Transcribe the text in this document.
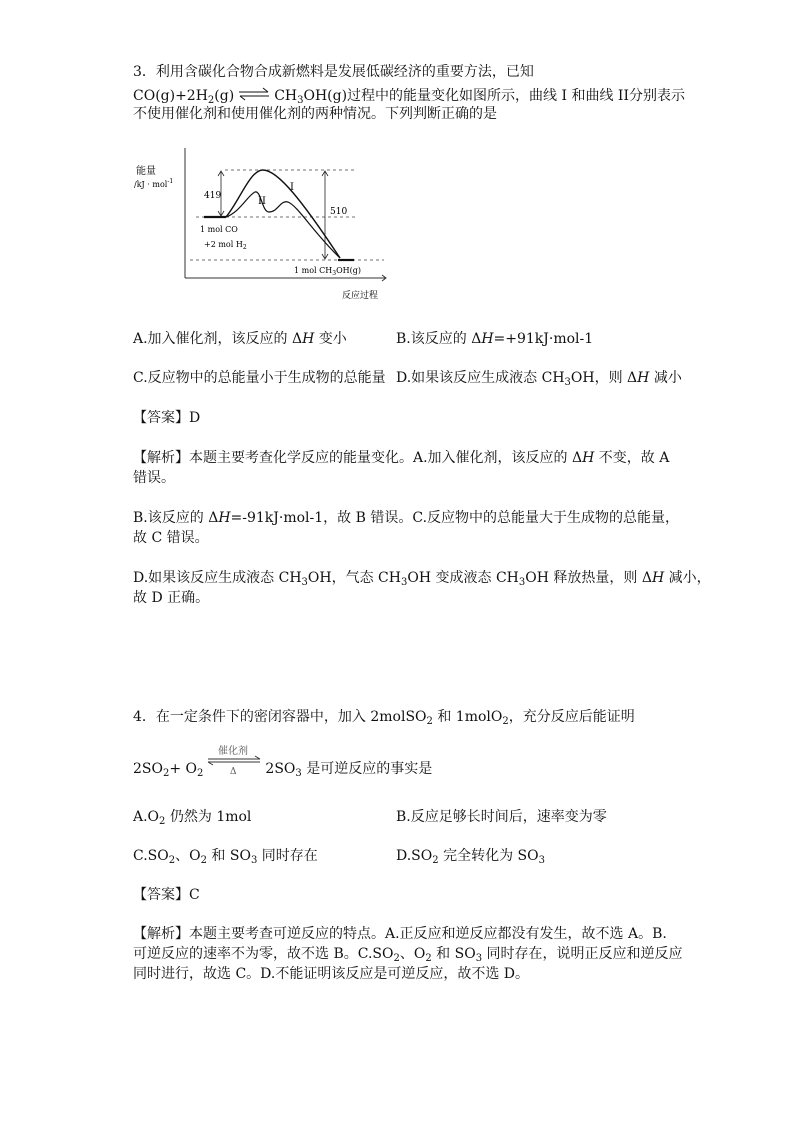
3．利用含碳化合物合成新燃料是发展低碳经济的重要方法，已知
$CO(g)+2H_2(g)$ ⇌ $CH_3OH(g)$过程中的能量变化如图所示，曲线 I 和曲线 II分别表示
不使用催化剂和使用催化剂的两种情况。下列判断正确的是
能量
/kJ · mol$^{-1}$
419
510
I
II
1 mol CO
+2 mol $H_2$
1 mol $CH_3OH(g)$
反应过程
A.加入催化剂，该反应的 ΔH 变小	B.该反应的 ΔH=+91kJ·mol-1
C.反应物中的总能量小于生成物的总能量 D.如果该反应生成液态 $CH_3OH$，则 ΔH 减小
【答案】D
【解析】本题主要考查化学反应的能量变化。A.加入催化剂，该反应的 ΔH 不变，故 A
错误。
B.该反应的 ΔH=-91kJ·mol-1，故 B 错误。C.反应物中的总能量大于生成物的总能量，
故 C 错误。
D.如果该反应生成液态 $CH_3OH$，气态 $CH_3OH$ 变成液态 $CH_3OH$ 释放热量，则 ΔH 减小，
故 D 正确。
4．在一定条件下的密闭容器中，加入 2molSO$_2$ 和 1molO$_2$，充分反应后能证明
$2SO_2+ O_2$
催化剂
Δ $2SO_3$ 是可逆反应的事实是
$A.O_2$ 仍然为 1mol	B.反应足够长时间后，速率变为零
$C.SO_2$、$O_2$ 和 $SO_3$ 同时存在	$D.SO_2$ 完全转化为 $SO_3$
【答案】C
【解析】本题主要考查可逆反应的特点。A.正反应和逆反应都没有发生，故不选 A。B.
可逆反应的速率不为零，故不选 B。$C.SO_2$、$O_2$ 和 $SO_3$ 同时存在，说明正反应和逆反应
同时进行，故选 C。D.不能证明该反应是可逆反应，故不选 D。
